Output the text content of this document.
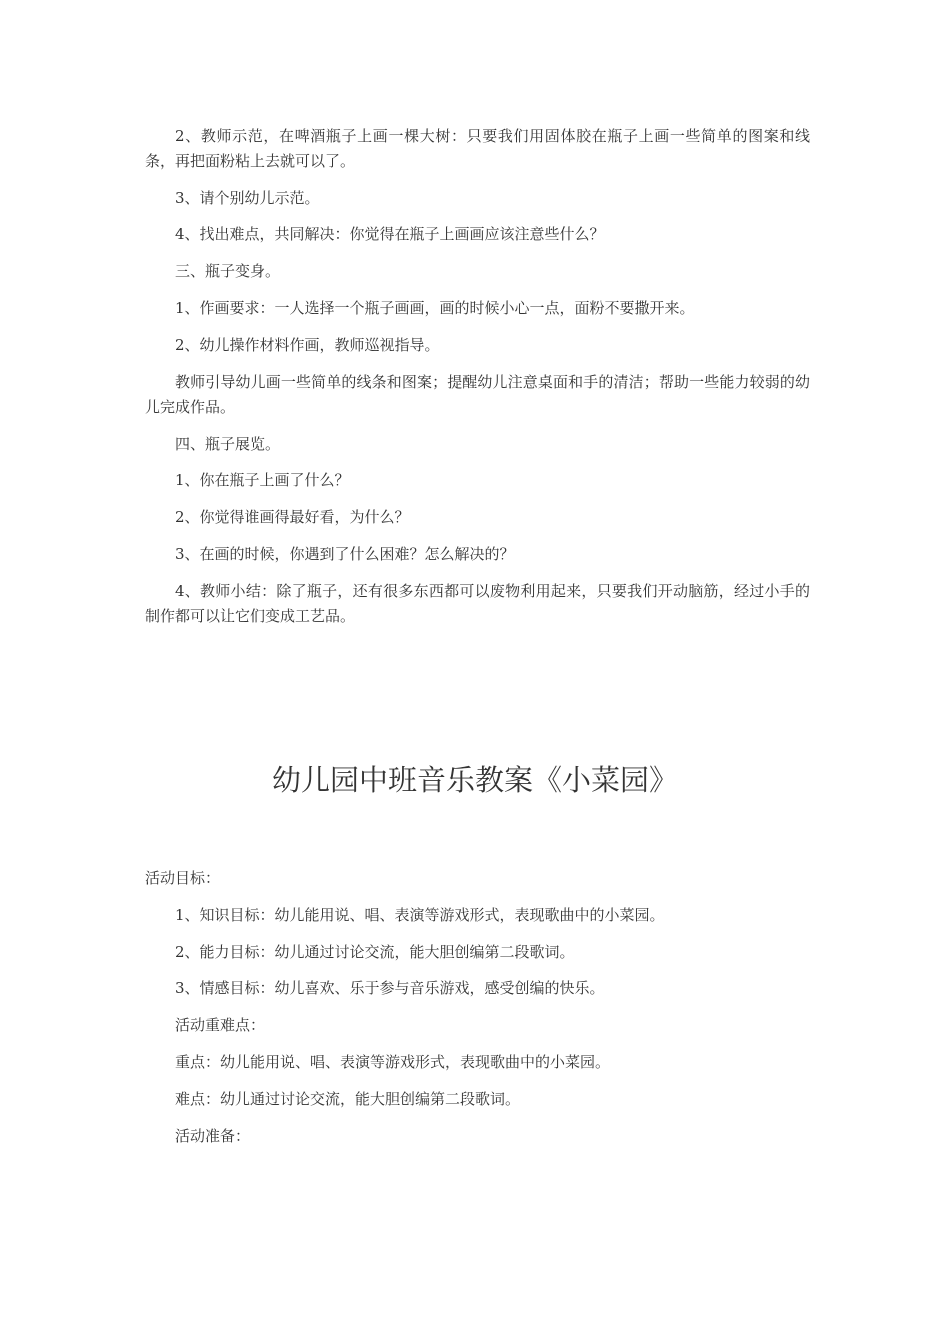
2、教师示范，在啤酒瓶子上画一棵大树：只要我们用固体胶在瓶子上画一些简单的图案和线条，再把面粉粘上去就可以了。

3、请个别幼儿示范。

4、找出难点，共同解决：你觉得在瓶子上画画应该注意些什么？

三、瓶子变身。

1、作画要求：一人选择一个瓶子画画，画的时候小心一点，面粉不要撒开来。

2、幼儿操作材料作画，教师巡视指导。

教师引导幼儿画一些简单的线条和图案；提醒幼儿注意桌面和手的清洁；帮助一些能力较弱的幼儿完成作品。

四、瓶子展览。

1、你在瓶子上画了什么？

2、你觉得谁画得最好看，为什么？

3、在画的时候，你遇到了什么困难？怎么解决的？

4、教师小结：除了瓶子，还有很多东西都可以废物利用起来，只要我们开动脑筋，经过小手的制作都可以让它们变成工艺品。

幼儿园中班音乐教案《小菜园》

活动目标：

1、知识目标：幼儿能用说、唱、表演等游戏形式，表现歌曲中的小菜园。

2、能力目标：幼儿通过讨论交流，能大胆创编第二段歌词。

3、情感目标：幼儿喜欢、乐于参与音乐游戏，感受创编的快乐。

活动重难点：

重点：幼儿能用说、唱、表演等游戏形式，表现歌曲中的小菜园。

难点：幼儿通过讨论交流，能大胆创编第二段歌词。

活动准备：
